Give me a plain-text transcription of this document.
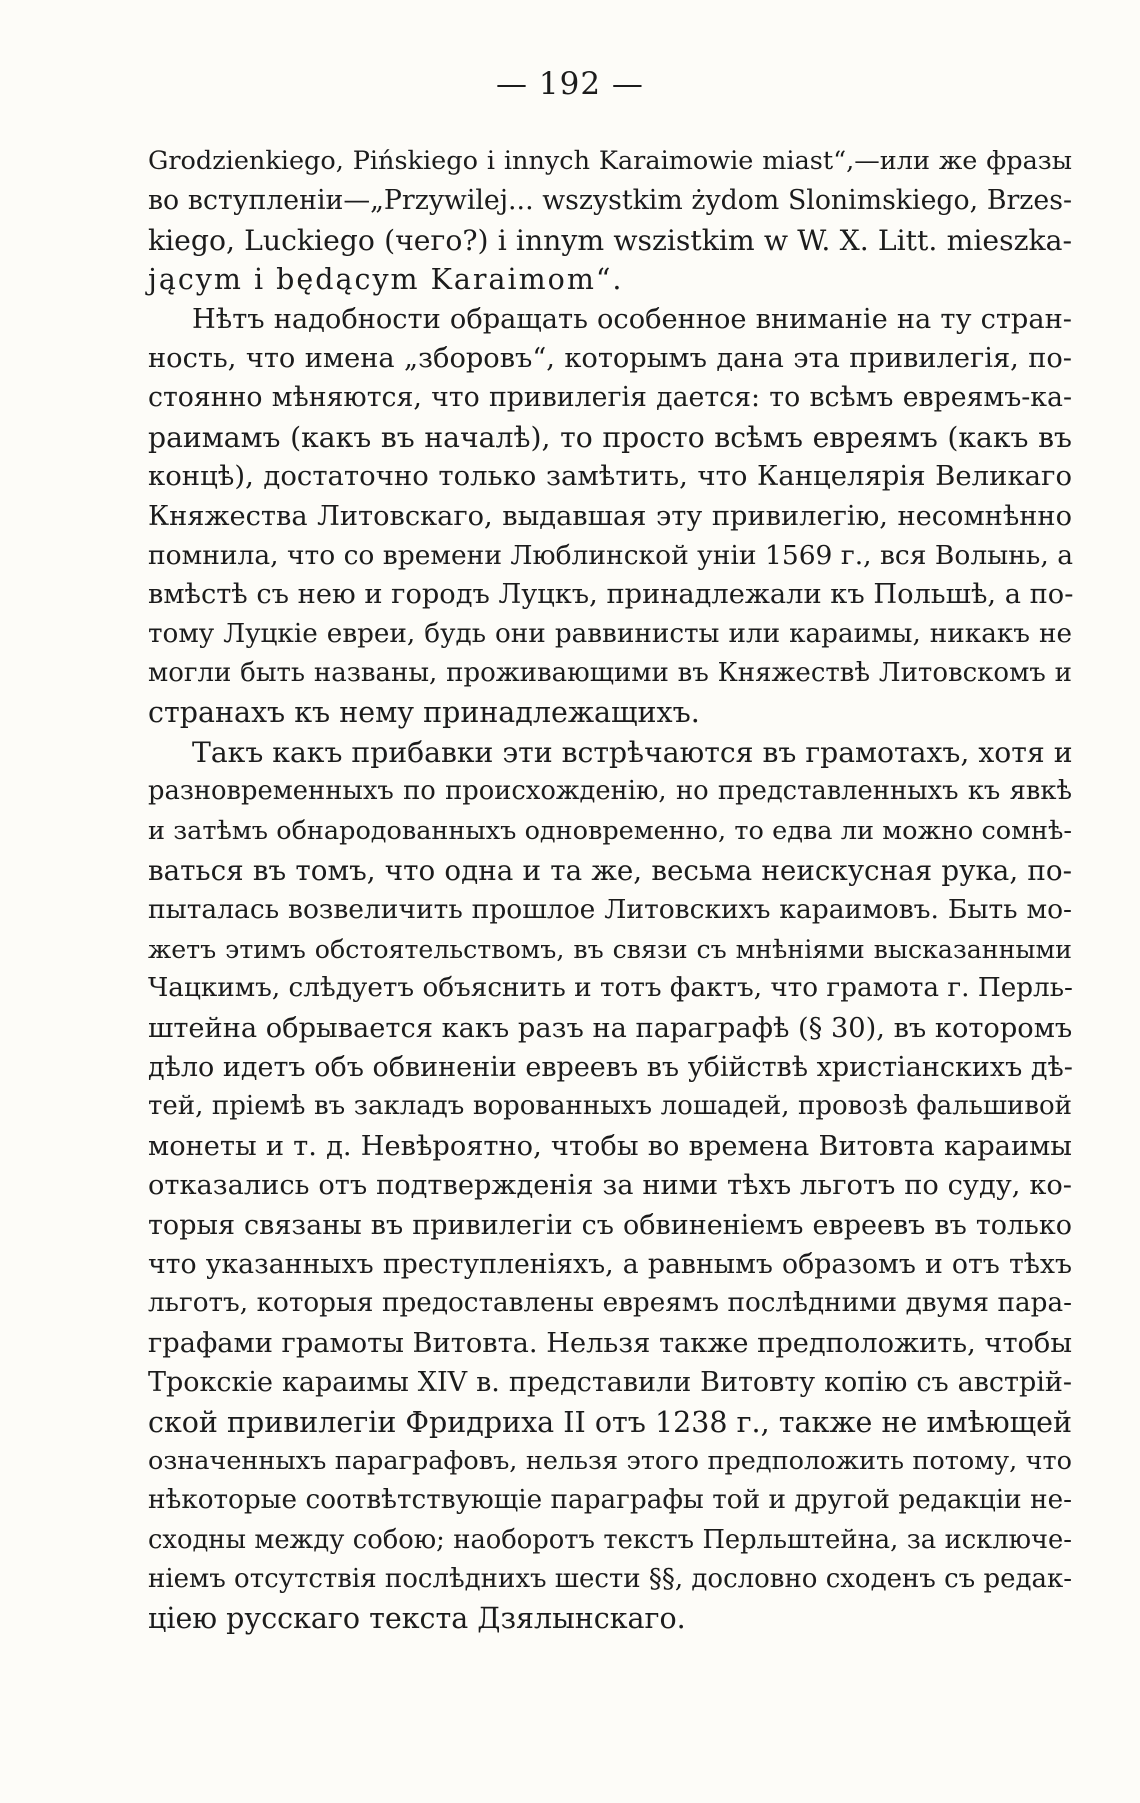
— 192 —
Grodzienkiego, Pińskiego i innych Karaimowie miast“,—или же фразы
во вступленіи—„Przywilej... wszystkim żydom Slonimskiego, Brzes-
kiego, Luckiego (чего?) i innym wszistkim w W. X. Litt. mieszka-
jącym i będącym Karaimom“.
Нѣтъ надобности обращать особенное вниманіе на ту стран-
ность, что имена „зборовъ“, которымъ дана эта привилегія, по-
стоянно мѣняются, что привилегія дается: то всѣмъ евреямъ-ка-
раимамъ (какъ въ началѣ), то просто всѣмъ евреямъ (какъ въ
концѣ), достаточно только замѣтить, что Канцелярія Великаго
Княжества Литовскаго, выдавшая эту привилегію, несомнѣнно
помнила, что со времени Люблинской уніи 1569 г., вся Волынь, а
вмѣстѣ съ нею и городъ Луцкъ, принадлежали къ Польшѣ, а по-
тому Луцкіе евреи, будь они раввинисты или караимы, никакъ не
могли быть названы, проживающими въ Княжествѣ Литовскомъ и
странахъ къ нему принадлежащихъ.
Такъ какъ прибавки эти встрѣчаются въ грамотахъ, хотя и
разновременныхъ по происхожденію, но представленныхъ къ явкѣ
и затѣмъ обнародованныхъ одновременно, то едва ли можно сомнѣ-
ваться въ томъ, что одна и та же, весьма неискусная рука, по-
пыталась возвеличить прошлое Литовскихъ караимовъ. Быть мо-
жетъ этимъ обстоятельствомъ, въ связи съ мнѣніями высказанными
Чацкимъ, слѣдуетъ объяснить и тотъ фактъ, что грамота г. Перль-
штейна обрывается какъ разъ на параграфѣ (§ 30), въ которомъ
дѣло идетъ объ обвиненіи евреевъ въ убійствѣ христіанскихъ дѣ-
тей, пріемѣ въ закладъ ворованныхъ лошадей, провозѣ фальшивой
монеты и т. д. Невѣроятно, чтобы во времена Витовта караимы
отказались отъ подтвержденія за ними тѣхъ льготъ по суду, ко-
торыя связаны въ привилегіи съ обвиненіемъ евреевъ въ только
что указанныхъ преступленіяхъ, а равнымъ образомъ и отъ тѣхъ
льготъ, которыя предоставлены евреямъ послѣдними двумя пара-
графами грамоты Витовта. Нельзя также предположить, чтобы
Трокскіе караимы XIV в. представили Витовту копію съ австрій-
ской привилегіи Фридриха II отъ 1238 г., также не имѣющей
означенныхъ параграфовъ, нельзя этого предположить потому, что
нѣкоторые соотвѣтствующіе параграфы той и другой редакціи не-
сходны между собою; наоборотъ текстъ Перльштейна, за исключе-
ніемъ отсутствія послѣднихъ шести §§, дословно сходенъ съ редак-
ціею русскаго текста Дзялынскаго.
